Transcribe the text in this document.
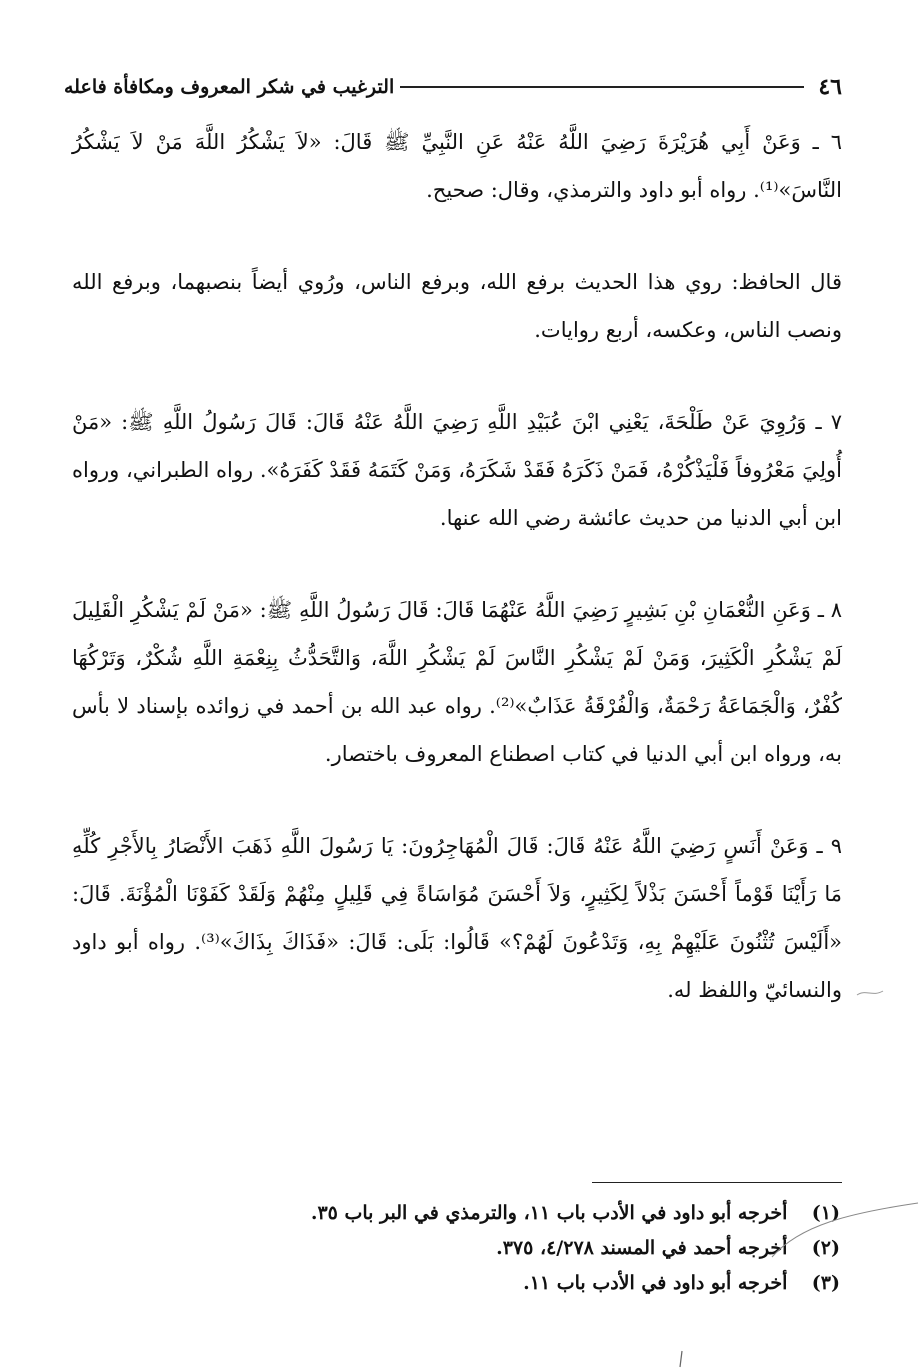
٤٦
الترغيب في شكر المعروف ومكافأة فاعله

٦ ـ وَعَنْ أَبِي هُرَيْرَةَ رَضِيَ اللَّهُ عَنْهُ عَنِ النَّبِيِّ ﷺ قَالَ: «لاَ يَشْكُرُ اللَّهَ مَنْ لاَ يَشْكُرُ النَّاسَ»⁽¹⁾. رواه أبو داود والترمذي، وقال: صحيح.

قال الحافظ: روي هذا الحديث برفع الله، وبرفع الناس، ورُوي أيضاً بنصبهما، وبرفع الله ونصب الناس، وعكسه، أربع روايات.

٧ ـ وَرُوِيَ عَنْ طَلْحَةَ، يَعْنِي ابْنَ عُبَيْدِ اللَّهِ رَضِيَ اللَّهُ عَنْهُ قَالَ: قَالَ رَسُولُ اللَّهِ ﷺ: «مَنْ أُولِيَ مَعْرُوفاً فَلْيَذْكُرْهُ، فَمَنْ ذَكَرَهُ فَقَدْ شَكَرَهُ، وَمَنْ كَتَمَهُ فَقَدْ كَفَرَهُ». رواه الطبراني، ورواه ابن أبي الدنيا من حديث عائشة رضي الله عنها.

٨ ـ وَعَنِ النُّعْمَانِ بْنِ بَشِيرٍ رَضِيَ اللَّهُ عَنْهُمَا قَالَ: قَالَ رَسُولُ اللَّهِ ﷺ: «مَنْ لَمْ يَشْكُرِ الْقَلِيلَ لَمْ يَشْكُرِ الْكَثِيرَ، وَمَنْ لَمْ يَشْكُرِ النَّاسَ لَمْ يَشْكُرِ اللَّهَ، وَالتَّحَدُّثُ بِنِعْمَةِ اللَّهِ شُكْرٌ، وَتَرْكُهَا كُفْرٌ، وَالْجَمَاعَةُ رَحْمَةٌ، وَالْفُرْقَةُ عَذَابٌ»⁽²⁾. رواه عبد الله بن أحمد في زوائده بإسناد لا بأس به، ورواه ابن أبي الدنيا في كتاب اصطناع المعروف باختصار.

٩ ـ وَعَنْ أَنَسٍ رَضِيَ اللَّهُ عَنْهُ قَالَ: قَالَ الْمُهَاجِرُونَ: يَا رَسُولَ اللَّهِ ذَهَبَ الأَنْصَارُ بِالأَجْرِ كُلِّهِ مَا رَأَيْنَا قَوْماً أَحْسَنَ بَذْلاً لِكَثِيرٍ، وَلاَ أَحْسَنَ مُوَاسَاةً فِي قَلِيلٍ مِنْهُمْ وَلَقَدْ كَفَوْنَا الْمُؤْنَةَ. قَالَ: «أَلَيْسَ تُثْنُونَ عَلَيْهِمْ بِهِ، وَتَدْعُونَ لَهُمْ؟» قَالُوا: بَلَى: قَالَ: «فَذَاكَ بِذَاكَ»⁽³⁾. رواه أبو داود والنسائيّ واللفظ له.

(١) أخرجه أبو داود في الأدب باب ١١، والترمذي في البر باب ٣٥.
(٢) أخرجه أحمد في المسند ٤/٢٧٨، ٣٧٥.
(٣) أخرجه أبو داود في الأدب باب ١١.
